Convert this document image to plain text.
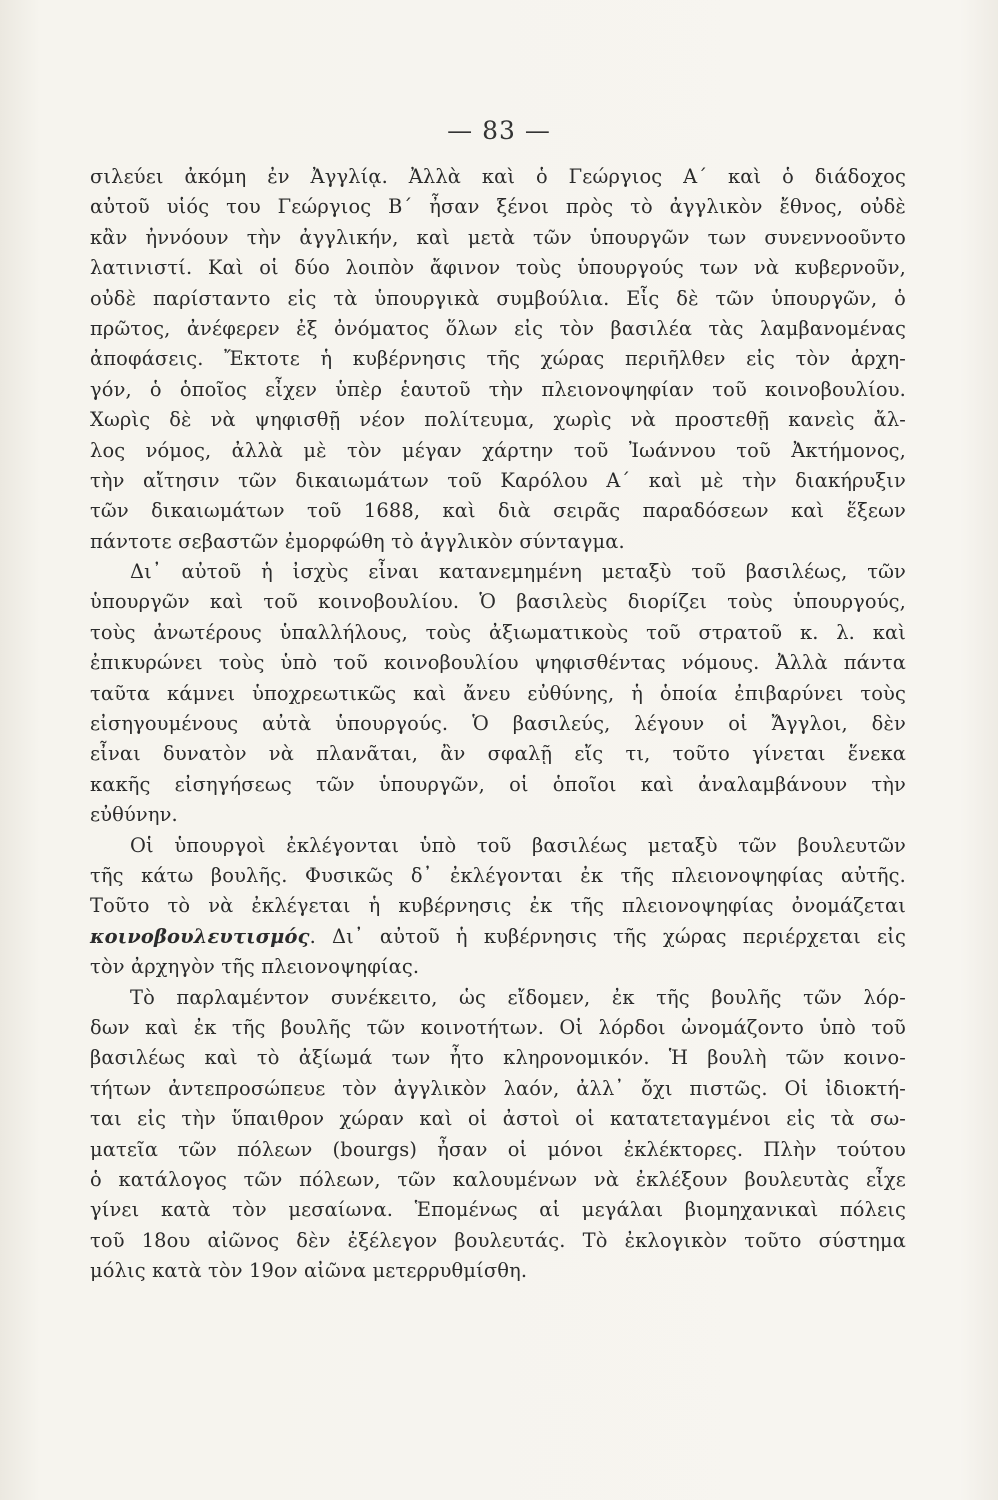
— 83 —
σιλεύει ἀκόμη ἐν Ἀγγλίᾳ. Ἀλλὰ καὶ ὁ Γεώργιος Α΄ καὶ ὁ διάδοχος
αὐτοῦ υἱός του Γεώργιος Β΄ ἦσαν ξένοι πρὸς τὸ ἀγγλικὸν ἔθνος, οὐδὲ
κἂν ἠννόουν τὴν ἀγγλικήν, καὶ μετὰ τῶν ὑπουργῶν των συνεννοοῦντο
λατινιστί. Καὶ οἱ δύο λοιπὸν ἄφινον τοὺς ὑπουργούς των νὰ κυβερνοῦν,
οὐδὲ παρίσταντο εἰς τὰ ὑπουργικὰ συμβούλια. Εἷς δὲ τῶν ὑπουργῶν, ὁ
πρῶτος, ἀνέφερεν ἐξ ὀνόματος ὅλων εἰς τὸν βασιλέα τὰς λαμβανομένας
ἀποφάσεις. Ἔκτοτε ἡ κυβέρνησις τῆς χώρας περιῆλθεν εἰς τὸν ἀρχη-
γόν, ὁ ὁποῖος εἶχεν ὑπὲρ ἑαυτοῦ τὴν πλειονοψηφίαν τοῦ κοινοβουλίου.
Χωρὶς δὲ νὰ ψηφισθῇ νέον πολίτευμα, χωρὶς νὰ προστεθῇ κανεὶς ἄλ-
λος νόμος, ἀλλὰ μὲ τὸν μέγαν χάρτην τοῦ Ἰωάννου τοῦ Ἀκτήμονος,
τὴν αἴτησιν τῶν δικαιωμάτων τοῦ Καρόλου Α΄ καὶ μὲ τὴν διακήρυξιν
τῶν δικαιωμάτων τοῦ 1688, καὶ διὰ σειρᾶς παραδόσεων καὶ ἕξεων
πάντοτε σεβαστῶν ἐμορφώθη τὸ ἀγγλικὸν σύνταγμα.
Δι᾿ αὐτοῦ ἡ ἰσχὺς εἶναι κατανεμημένη μεταξὺ τοῦ βασιλέως, τῶν
ὑπουργῶν καὶ τοῦ κοινοβουλίου. Ὁ βασιλεὺς διορίζει τοὺς ὑπουργούς,
τοὺς ἀνωτέρους ὑπαλλήλους, τοὺς ἀξιωματικοὺς τοῦ στρατοῦ κ. λ. καὶ
ἐπικυρώνει τοὺς ὑπὸ τοῦ κοινοβουλίου ψηφισθέντας νόμους. Ἀλλὰ πάντα
ταῦτα κάμνει ὑποχρεωτικῶς καὶ ἄνευ εὐθύνης, ἡ ὁποία ἐπιβαρύνει τοὺς
εἰσηγουμένους αὐτὰ ὑπουργούς. Ὁ βασιλεύς, λέγουν οἱ Ἄγγλοι, δὲν
εἶναι δυνατὸν νὰ πλανᾶται, ἂν σφαλῇ εἴς τι, τοῦτο γίνεται ἕνεκα
κακῆς εἰσηγήσεως τῶν ὑπουργῶν, οἱ ὁποῖοι καὶ ἀναλαμβάνουν τὴν
εὐθύνην.
Οἱ ὑπουργοὶ ἐκλέγονται ὑπὸ τοῦ βασιλέως μεταξὺ τῶν βουλευτῶν
τῆς κάτω βουλῆς. Φυσικῶς δ᾿ ἐκλέγονται ἐκ τῆς πλειονοψηφίας αὐτῆς.
Τοῦτο τὸ νὰ ἐκλέγεται ἡ κυβέρνησις ἐκ τῆς πλειονοψηφίας ὀνομάζεται
κοινοβουλευτισμός. Δι᾿ αὐτοῦ ἡ κυβέρνησις τῆς χώρας περιέρχεται εἰς
τὸν ἀρχηγὸν τῆς πλειονοψηφίας.
Τὸ παρλαμέντον συνέκειτο, ὡς εἴδομεν, ἐκ τῆς βουλῆς τῶν λόρ-
δων καὶ ἐκ τῆς βουλῆς τῶν κοινοτήτων. Οἱ λόρδοι ὠνομάζοντο ὑπὸ τοῦ
βασιλέως καὶ τὸ ἀξίωμά των ἦτο κληρονομικόν. Ἡ βουλὴ τῶν κοινο-
τήτων ἀντεπροσώπευε τὸν ἀγγλικὸν λαόν, ἀλλ᾿ ὄχι πιστῶς. Οἱ ἰδιοκτή-
ται εἰς τὴν ὕπαιθρον χώραν καὶ οἱ ἀστοὶ οἱ κατατεταγμένοι εἰς τὰ σω-
ματεῖα τῶν πόλεων (bourgs) ἦσαν οἱ μόνοι ἐκλέκτορες. Πλὴν τούτου
ὁ κατάλογος τῶν πόλεων, τῶν καλουμένων νὰ ἐκλέξουν βουλευτὰς εἶχε
γίνει κατὰ τὸν μεσαίωνα. Ἑπομένως αἱ μεγάλαι βιομηχανικαὶ πόλεις
τοῦ 18ου αἰῶνος δὲν ἐξέλεγον βουλευτάς. Τὸ ἐκλογικὸν τοῦτο σύστημα
μόλις κατὰ τὸν 19ον αἰῶνα μετερρυθμίσθη.
